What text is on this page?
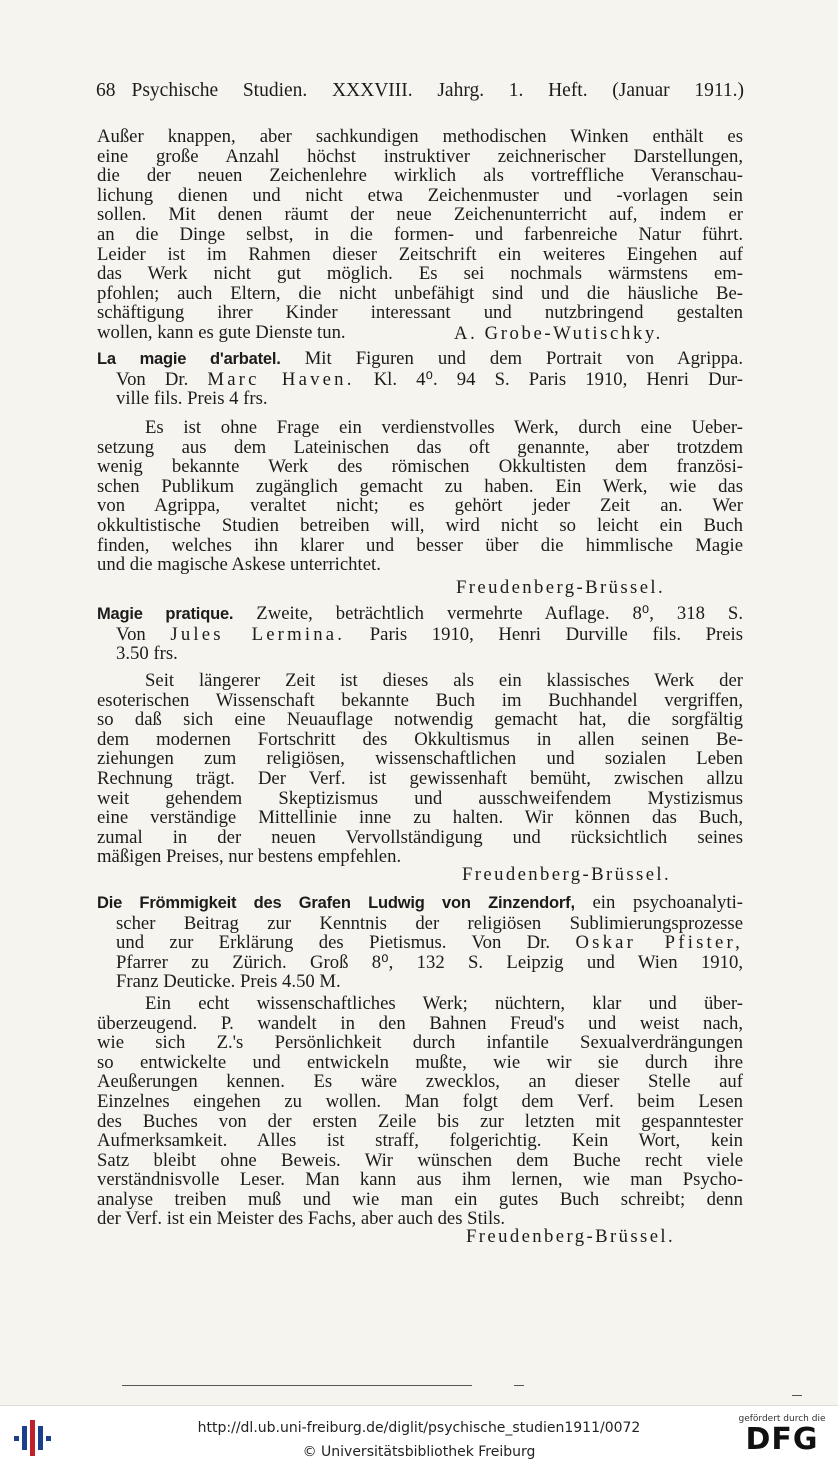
68 Psychische Studien. XXXVIII. Jahrg. 1. Heft. (Januar 1911.)
Außer knappen, aber sachkundigen methodischen Winken enthält es
eine große Anzahl höchst instruktiver zeichnerischer Darstellungen,
die der neuen Zeichenlehre wirklich als vortreffliche Veranschau-
lichung dienen und nicht etwa Zeichenmuster und -vorlagen sein
sollen. Mit denen räumt der neue Zeichenunterricht auf, indem er
an die Dinge selbst, in die formen- und farbenreiche Natur führt.
Leider ist im Rahmen dieser Zeitschrift ein weiteres Eingehen auf
das Werk nicht gut möglich. Es sei nochmals wärmstens em-
pfohlen; auch Eltern, die nicht unbefähigt sind und die häusliche Be-
schäftigung ihrer Kinder interessant und nutzbringend gestalten
wollen, kann es gute Dienste tun.	A. Grobe-Wutischky.
La magie d'arbatel. Mit Figuren und dem Portrait von Agrippa.
Von Dr. Marc Haven. Kl. 4⁰. 94 S. Paris 1910, Henri Dur-
ville fils. Preis 4 frs.
Es ist ohne Frage ein verdienstvolles Werk, durch eine Ueber-
setzung aus dem Lateinischen das oft genannte, aber trotzdem
wenig bekannte Werk des römischen Okkultisten dem französi-
schen Publikum zugänglich gemacht zu haben. Ein Werk, wie das
von Agrippa, veraltet nicht; es gehört jeder Zeit an. Wer
okkultistische Studien betreiben will, wird nicht so leicht ein Buch
finden, welches ihn klarer und besser über die himmlische Magie
und die magische Askese unterrichtet.
Freudenberg-Brüssel.
Magie pratique. Zweite, beträchtlich vermehrte Auflage. 8⁰, 318 S.
Von Jules Lermina. Paris 1910, Henri Durville fils. Preis
3.50 frs.
Seit längerer Zeit ist dieses als ein klassisches Werk der
esoterischen Wissenschaft bekannte Buch im Buchhandel vergriffen,
so daß sich eine Neuauflage notwendig gemacht hat, die sorgfältig
dem modernen Fortschritt des Okkultismus in allen seinen Be-
ziehungen zum religiösen, wissenschaftlichen und sozialen Leben
Rechnung trägt. Der Verf. ist gewissenhaft bemüht, zwischen allzu
weit gehendem Skeptizismus und ausschweifendem Mystizismus
eine verständige Mittellinie inne zu halten. Wir können das Buch,
zumal in der neuen Vervollständigung und rücksichtlich seines
mäßigen Preises, nur bestens empfehlen.
Freudenberg-Brüssel.
Die Frömmigkeit des Grafen Ludwig von Zinzendorf, ein psychoanalyti-
scher Beitrag zur Kenntnis der religiösen Sublimierungsprozesse
und zur Erklärung des Pietismus. Von Dr. Oskar Pfister,
Pfarrer zu Zürich. Groß 8⁰, 132 S. Leipzig und Wien 1910,
Franz Deuticke. Preis 4.50 M.
Ein echt wissenschaftliches Werk; nüchtern, klar und über-
überzeugend. P. wandelt in den Bahnen Freud's und weist nach,
wie sich Z.'s Persönlichkeit durch infantile Sexualverdrängungen
so entwickelte und entwickeln mußte, wie wir sie durch ihre
Aeußerungen kennen. Es wäre zwecklos, an dieser Stelle auf
Einzelnes eingehen zu wollen. Man folgt dem Verf. beim Lesen
des Buches von der ersten Zeile bis zur letzten mit gespanntester
Aufmerksamkeit. Alles ist straff, folgerichtig. Kein Wort, kein
Satz bleibt ohne Beweis. Wir wünschen dem Buche recht viele
verständnisvolle Leser. Man kann aus ihm lernen, wie man Psycho-
analyse treiben muß und wie man ein gutes Buch schreibt; denn
der Verf. ist ein Meister des Fachs, aber auch des Stils.
Freudenberg-Brüssel.
http://dl.ub.uni-freiburg.de/diglit/psychische_studien1911/0072
© Universitätsbibliothek Freiburg
gefördert durch die
DFG
